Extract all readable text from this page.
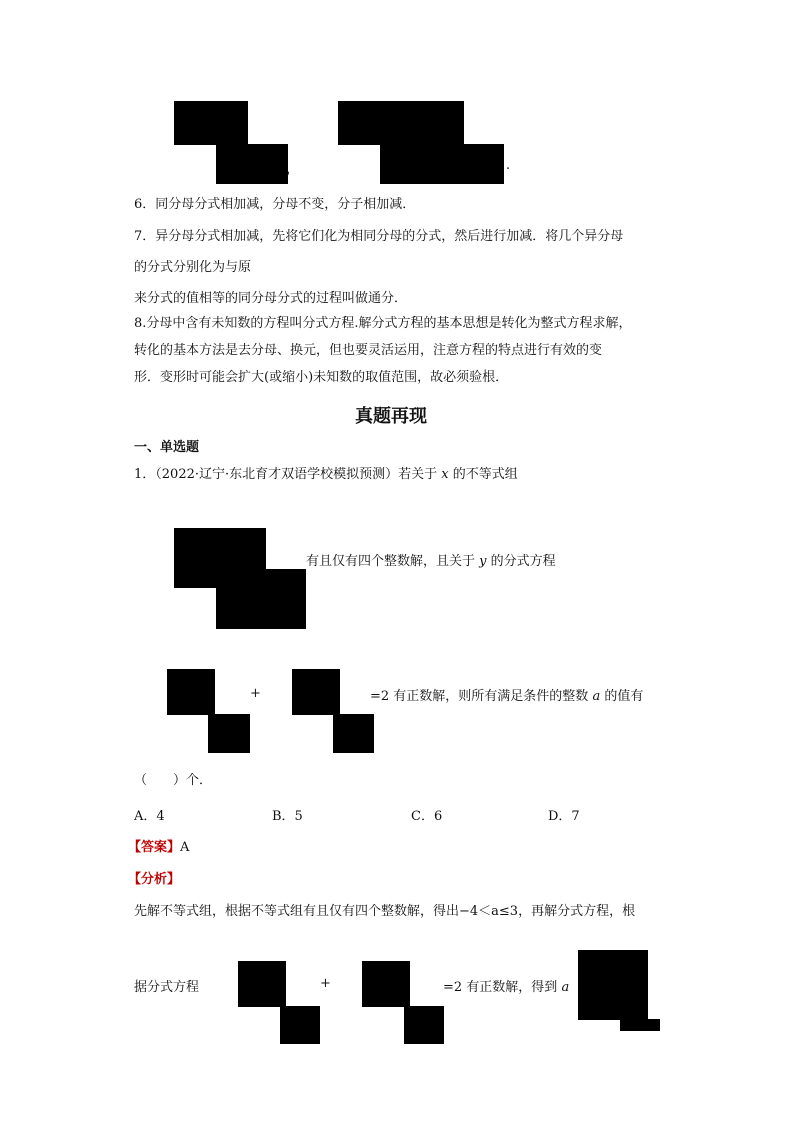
，	.
6．同分母分式相加减，分母不变，分子相加减．
7．异分母分式相加减，先将它们化为相同分母的分式，然后进行加减．将几个异分母
的分式分别化为与原
来分式的值相等的同分母分式的过程叫做通分．
8.分母中含有未知数的方程叫分式方程.解分式方程的基本思想是转化为整式方程求解，
转化的基本方法是去分母、换元，但也要灵活运用，注意方程的特点进行有效的变
形．变形时可能会扩大(或缩小)未知数的取值范围，故必须验根．
真题再现
一、单选题
1．（2022·辽宁·东北育才双语学校模拟预测）若关于 x 的不等式组
有且仅有四个整数解，且关于 y 的分式方程
+	=2 有正数解，则所有满足条件的整数 a 的值有
（　　）个．
A．4	B．5	C．6	D．7
【答案】A
【分析】
先解不等式组，根据不等式组有且仅有四个整数解，得出−4＜a≤3，再解分式方程，根
据分式方程	+	=2 有正数解，得到 a
